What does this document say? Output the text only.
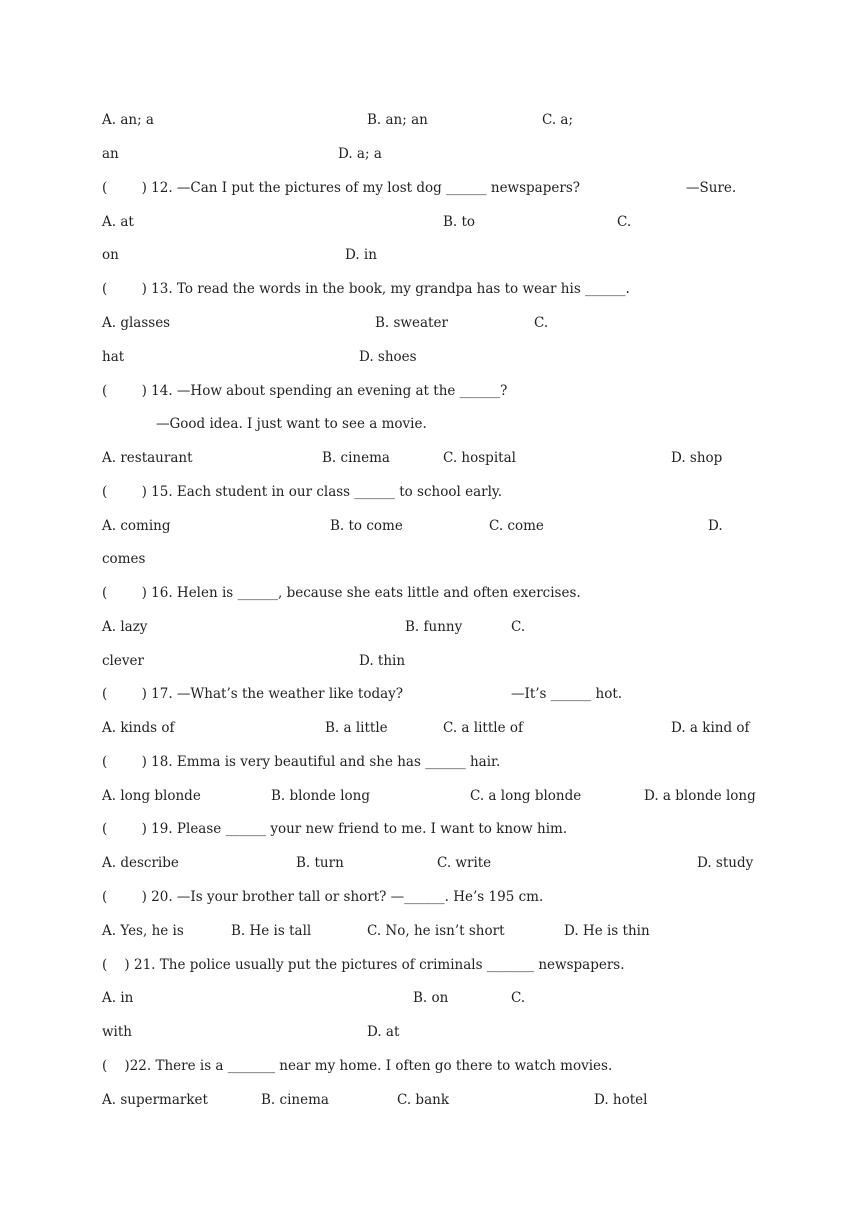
A. an; a

	B. an; an

	C. a;

an

	D. a; a

(        ) 12. —Can I put the pictures of my lost dog ______ newspapers?

	—Sure.

A. at

	B. to

	C.

on

	D. in

(        ) 13. To read the words in the book, my grandpa has to wear his ______.

A. glasses

	B. sweater

	C.

hat

	D. shoes

(        ) 14. —How about spending an evening at the ______?

—Good idea. I just want to see a movie.

A. restaurant

	B. cinema

	C. hospital

	D. shop

(        ) 15. Each student in our class ______ to school early.

A. coming

	B. to come

	C. come

	D.

comes

(        ) 16. Helen is ______, because she eats little and often exercises.

A. lazy

	B. funny

	C.

clever

	D. thin

(        ) 17. —What’s the weather like today?

	—It’s ______ hot.

A. kinds of

	B. a little

	C. a little of

	D. a kind of

(        ) 18. Emma is very beautiful and she has ______ hair.

A. long blonde

	B. blonde long

	C. a long blonde

	D. a blonde long

(        ) 19. Please ______ your new friend to me. I want to know him.

A. describe

	B. turn

	C. write

	D. study

(        ) 20. —Is your brother tall or short? —______. He’s 195 cm.

A. Yes, he is

	B. He is tall

	C. No, he isn’t short

	D. He is thin

(    ) 21. The police usually put the pictures of criminals _______ newspapers.

A. in

	B. on

	C.

with

	D. at

(    )22. There is a _______ near my home. I often go there to watch movies.

A. supermarket

	B. cinema

	C. bank

	D. hotel
